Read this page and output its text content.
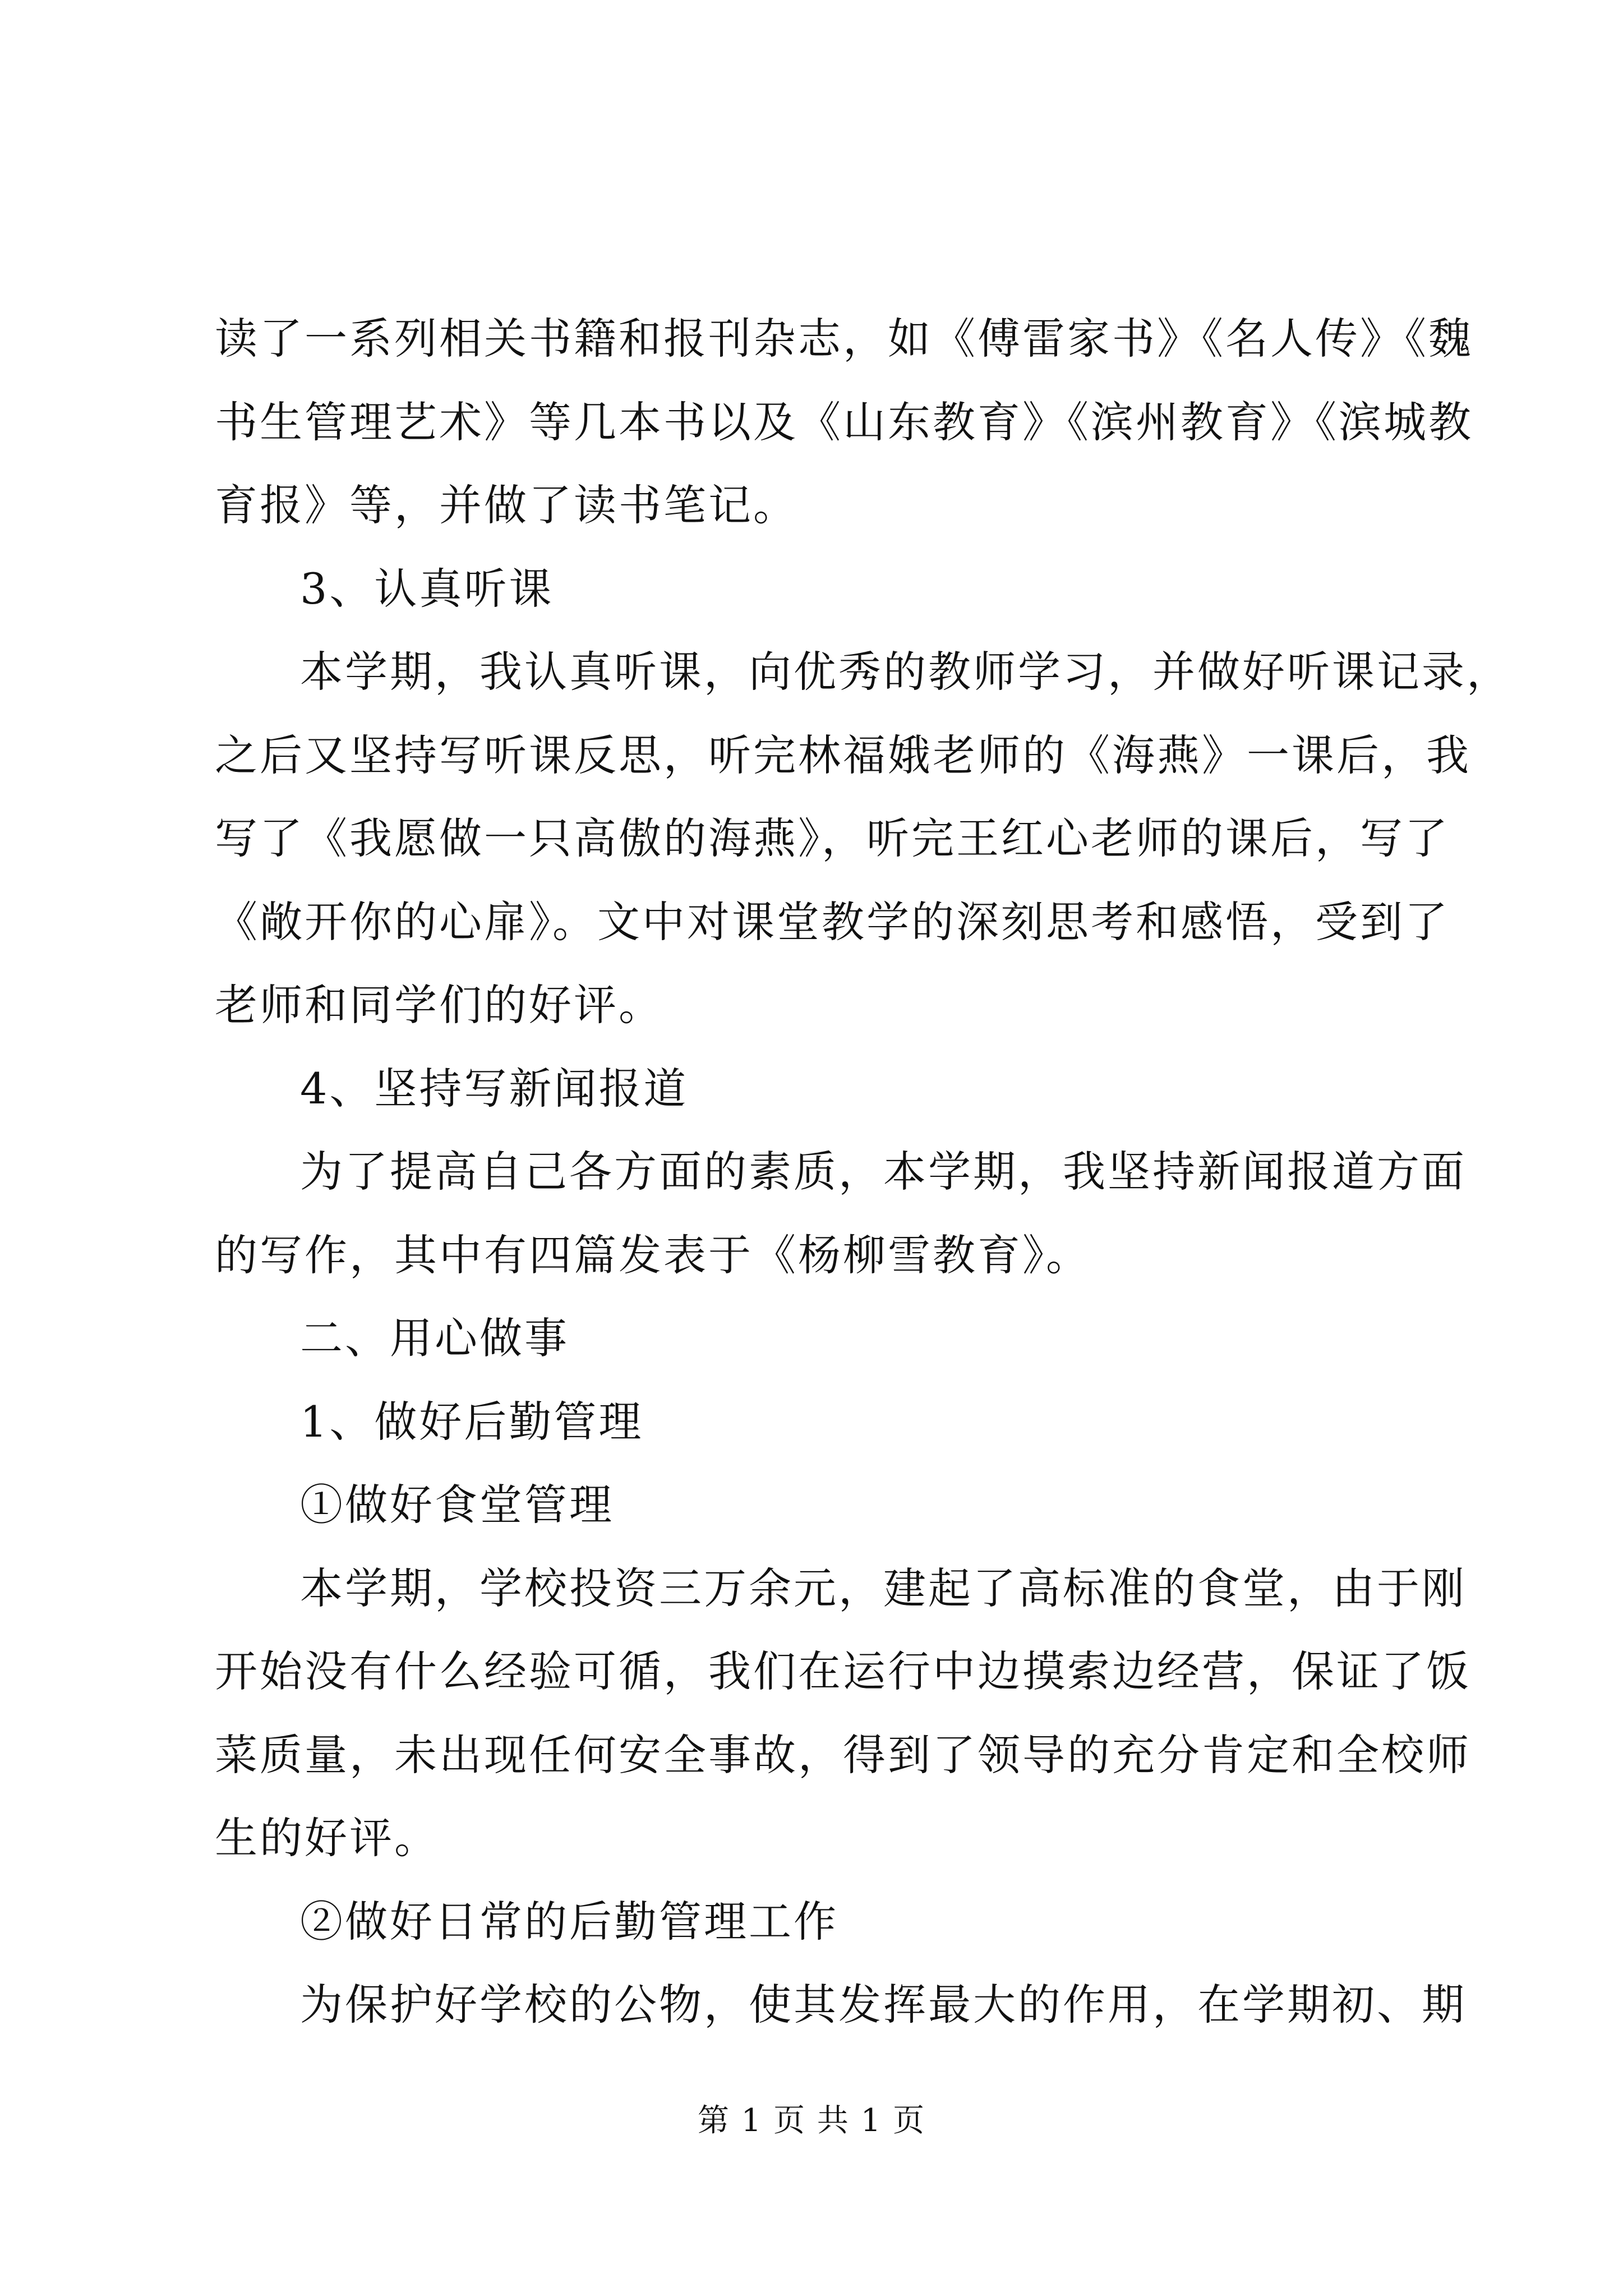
读了一系列相关书籍和报刊杂志，如《傅雷家书》《名人传》《魏
书生管理艺术》等几本书以及《山东教育》《滨州教育》《滨城教
育报》等，并做了读书笔记。
3、认真听课
本学期，我认真听课，向优秀的教师学习，并做好听课记录，
之后又坚持写听课反思，听完林福娥老师的《海燕》一课后，我
写了《我愿做一只高傲的海燕》，听完王红心老师的课后，写了
《敞开你的心扉》。文中对课堂教学的深刻思考和感悟，受到了
老师和同学们的好评。
4、坚持写新闻报道
为了提高自己各方面的素质，本学期，我坚持新闻报道方面
的写作，其中有四篇发表于《杨柳雪教育》。
二、用心做事
1、做好后勤管理
①做好食堂管理
本学期，学校投资三万余元，建起了高标准的食堂，由于刚
开始没有什么经验可循，我们在运行中边摸索边经营，保证了饭
菜质量，未出现任何安全事故，得到了领导的充分肯定和全校师
生的好评。
②做好日常的后勤管理工作
为保护好学校的公物，使其发挥最大的作用，在学期初、期
第 1 页 共 1 页
